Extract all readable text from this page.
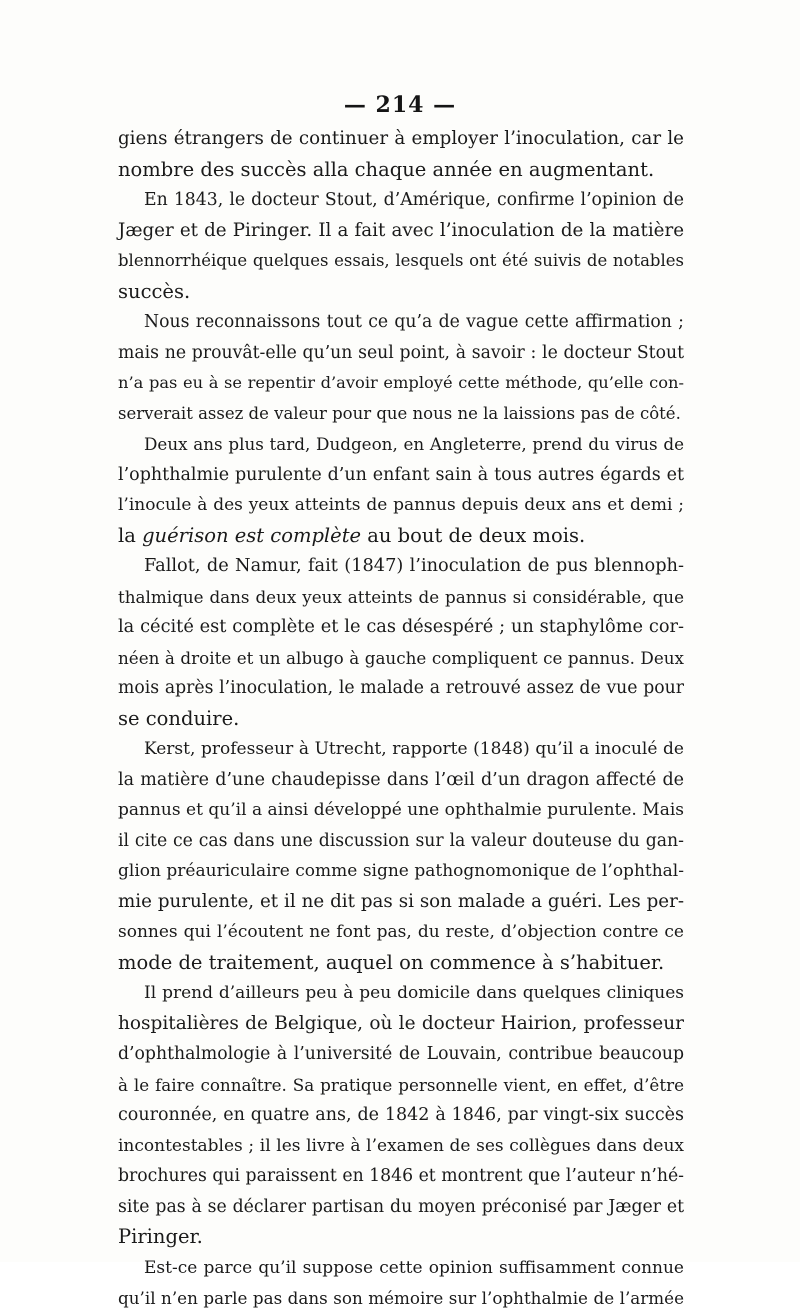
— 214 —
giens étrangers de continuer à employer l’inoculation, car le
nombre des succès alla chaque année en augmentant.
En 1843, le docteur Stout, d’Amérique, confirme l’opinion de
Jæger et de Piringer. Il a fait avec l’inoculation de la matière
blennorrhéique quelques essais, lesquels ont été suivis de notables
succès.
Nous reconnaissons tout ce qu’a de vague cette affirmation ;
mais ne prouvât-elle qu’un seul point, à savoir : le docteur Stout
n’a pas eu à se repentir d’avoir employé cette méthode, qu’elle con-
serverait assez de valeur pour que nous ne la laissions pas de côté.
Deux ans plus tard, Dudgeon, en Angleterre, prend du virus de
l’ophthalmie purulente d’un enfant sain à tous autres égards et
l’inocule à des yeux atteints de pannus depuis deux ans et demi ;
la guérison est complète au bout de deux mois.
Fallot, de Namur, fait (1847) l’inoculation de pus blennoph-
thalmique dans deux yeux atteints de pannus si considérable, que
la cécité est complète et le cas désespéré ; un staphylôme cor-
néen à droite et un albugo à gauche compliquent ce pannus. Deux
mois après l’inoculation, le malade a retrouvé assez de vue pour
se conduire.
Kerst, professeur à Utrecht, rapporte (1848) qu’il a inoculé de
la matière d’une chaudepisse dans l’œil d’un dragon affecté de
pannus et qu’il a ainsi développé une ophthalmie purulente. Mais
il cite ce cas dans une discussion sur la valeur douteuse du gan-
glion préauriculaire comme signe pathognomonique de l’ophthal-
mie purulente, et il ne dit pas si son malade a guéri. Les per-
sonnes qui l’écoutent ne font pas, du reste, d’objection contre ce
mode de traitement, auquel on commence à s’habituer.
Il prend d’ailleurs peu à peu domicile dans quelques cliniques
hospitalières de Belgique, où le docteur Hairion, professeur
d’ophthalmologie à l’université de Louvain, contribue beaucoup
à le faire connaître. Sa pratique personnelle vient, en effet, d’être
couronnée, en quatre ans, de 1842 à 1846, par vingt-six succès
incontestables ; il les livre à l’examen de ses collègues dans deux
brochures qui paraissent en 1846 et montrent que l’auteur n’hé-
site pas à se déclarer partisan du moyen préconisé par Jæger et
Piringer.
Est-ce parce qu’il suppose cette opinion suffisamment connue
qu’il n’en parle pas dans son mémoire sur l’ophthalmie de l’armée
